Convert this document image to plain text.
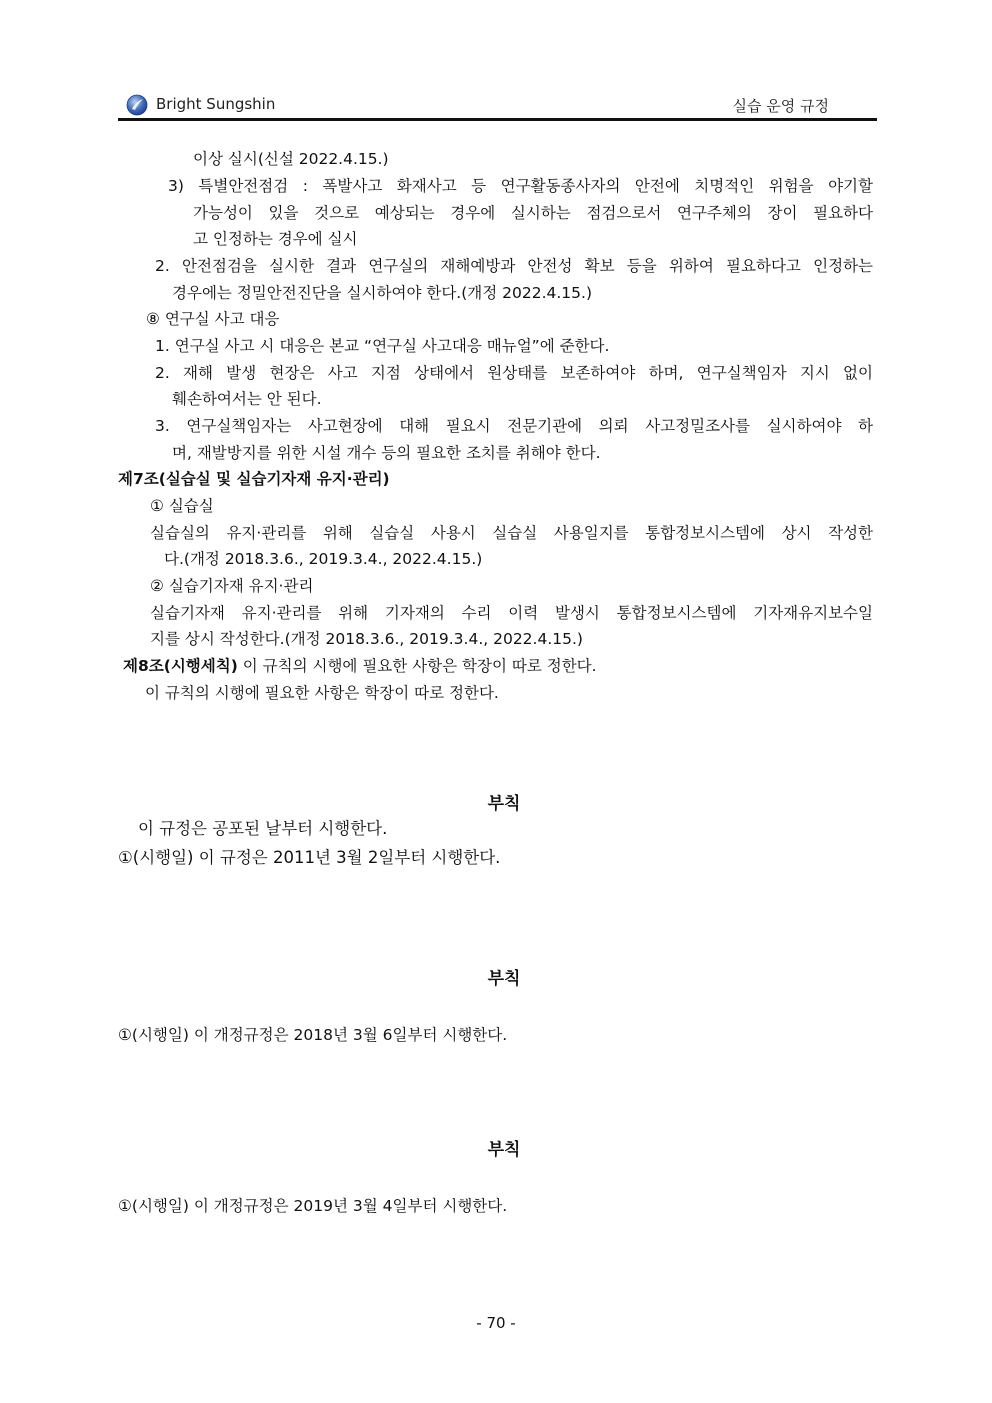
Bright Sungshin	실습 운영 규정
이상 실시(신설 2022.4.15.)
3) 특별안전점검 : 폭발사고 화재사고 등 연구활동종사자의 안전에 치명적인 위험을 야기할
가능성이 있을 것으로 예상되는 경우에 실시하는 점검으로서 연구주체의 장이 필요하다
고 인정하는 경우에 실시
2. 안전점검을 실시한 결과 연구실의 재해예방과 안전성 확보 등을 위하여 필요하다고 인정하는
경우에는 정밀안전진단을 실시하여야 한다.(개정 2022.4.15.)
⑧ 연구실 사고 대응
1. 연구실 사고 시 대응은 본교 “연구실 사고대응 매뉴얼”에 준한다.
2. 재해 발생 현장은 사고 지점 상태에서 원상태를 보존하여야 하며, 연구실책임자 지시 없이
훼손하여서는 안 된다.
3. 연구실책임자는 사고현장에 대해 필요시 전문기관에 의뢰 사고정밀조사를 실시하여야 하
며, 재발방지를 위한 시설 개수 등의 필요한 조치를 취해야 한다.
제7조(실습실 및 실습기자재 유지·관리)
① 실습실
실습실의 유지·관리를 위해 실습실 사용시 실습실 사용일지를 통합정보시스템에 상시 작성한
다.(개정 2018.3.6., 2019.3.4., 2022.4.15.)
② 실습기자재 유지·관리
실습기자재 유지·관리를 위해 기자재의 수리 이력 발생시 통합정보시스템에 기자재유지보수일
지를 상시 작성한다.(개정 2018.3.6., 2019.3.4., 2022.4.15.)
제8조(시행세칙) 이 규칙의 시행에 필요한 사항은 학장이 따로 정한다.
이 규칙의 시행에 필요한 사항은 학장이 따로 정한다.
부칙
이 규정은 공포된 날부터 시행한다.
①(시행일) 이 규정은 2011년 3월 2일부터 시행한다.
부칙
①(시행일) 이 개정규정은 2018년 3월 6일부터 시행한다.
부칙
①(시행일) 이 개정규정은 2019년 3월 4일부터 시행한다.
- 70 -
